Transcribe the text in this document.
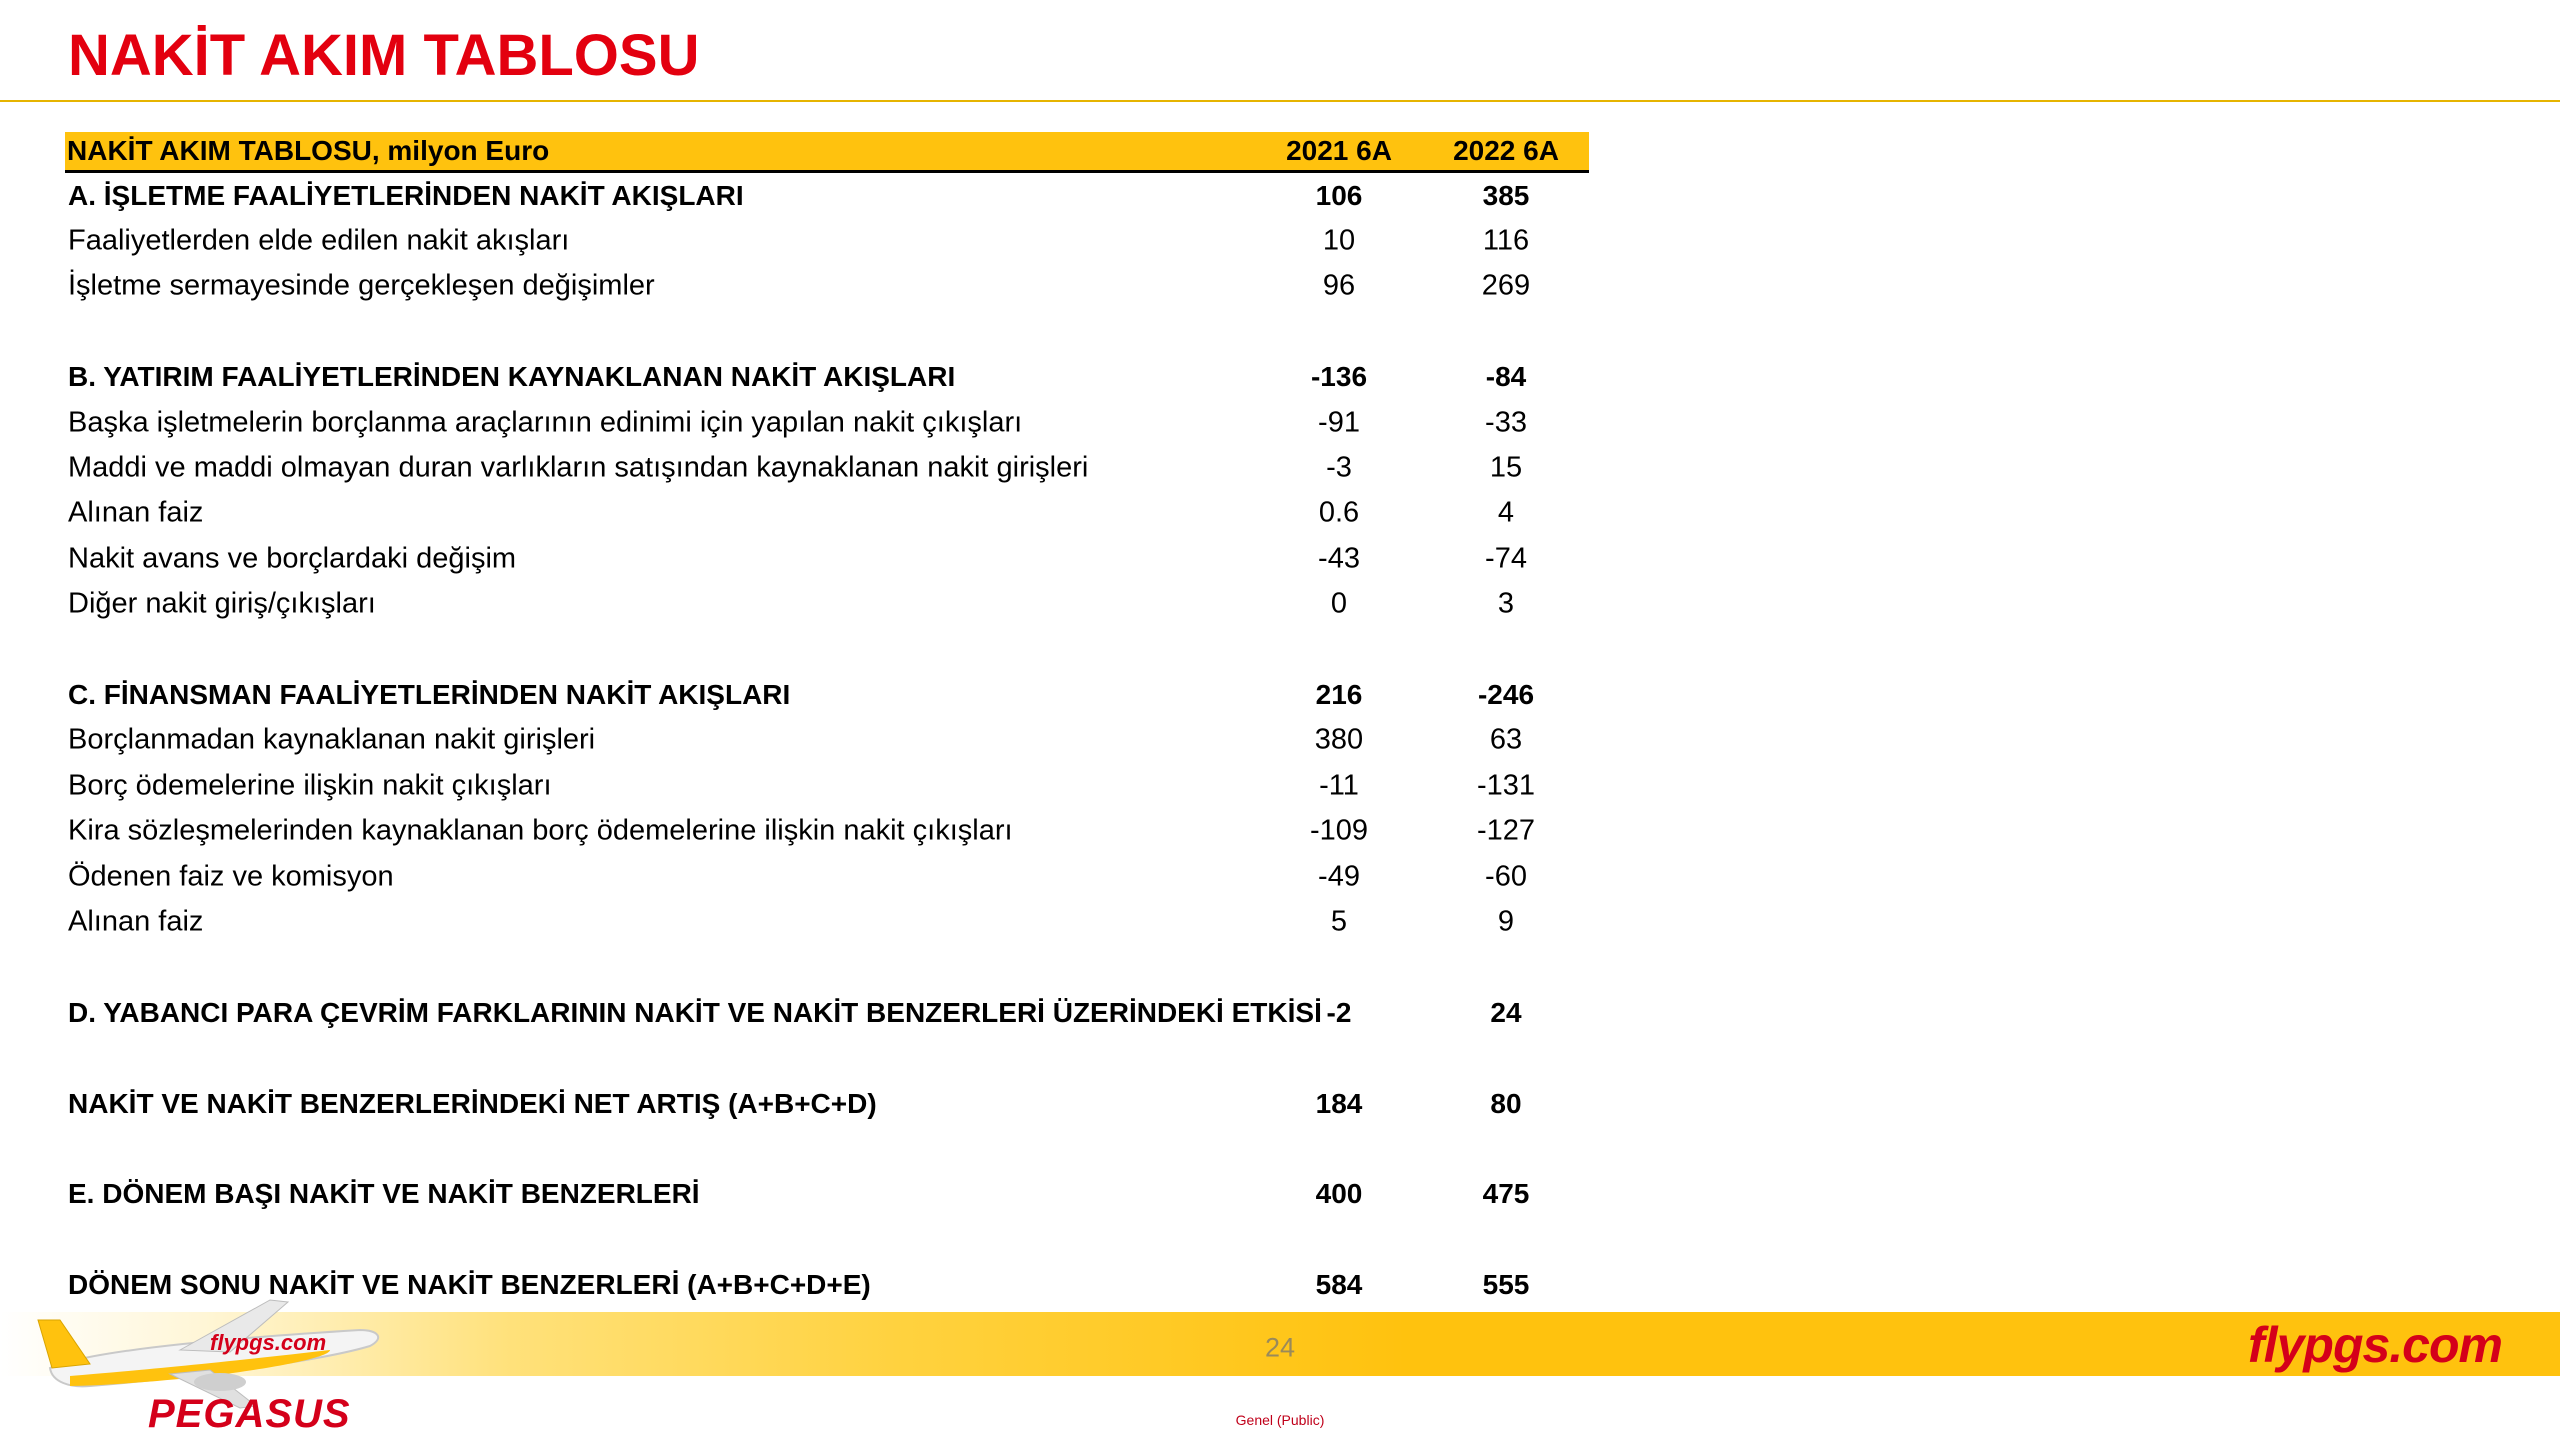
NAKİT AKIM TABLOSU
NAKİT AKIM TABLOSU, milyon Euro	2021 6A 2022 6A
A. İŞLETME FAALİYETLERİNDEN NAKİT AKIŞLARI	106	385
Faaliyetlerden elde edilen nakit akışları	10	116
İşletme sermayesinde gerçekleşen değişimler	96	269
B. YATIRIM FAALİYETLERİNDEN KAYNAKLANAN NAKİT AKIŞLARI	-136	-84
Başka işletmelerin borçlanma araçlarının edinimi için yapılan nakit çıkışları	-91	-33
Maddi ve maddi olmayan duran varlıkların satışından kaynaklanan nakit girişleri	-3	15
Alınan faiz	0.6	4
Nakit avans ve borçlardaki değişim	-43	-74
Diğer nakit giriş/çıkışları	0	3
C. FİNANSMAN FAALİYETLERİNDEN NAKİT AKIŞLARI	216	-246
Borçlanmadan kaynaklanan nakit girişleri	380	63
Borç ödemelerine ilişkin nakit çıkışları	-11	-131
Kira sözleşmelerinden kaynaklanan borç ödemelerine ilişkin nakit çıkışları	-109	-127
Ödenen faiz ve komisyon	-49	-60
Alınan faiz	5	9
D. YABANCI PARA ÇEVRİM FARKLARININ NAKİT VE NAKİT BENZERLERİ ÜZERİNDEKİ ETKİSİ -2	24
NAKİT VE NAKİT BENZERLERİNDEKİ NET ARTIŞ (A+B+C+D)	184	80
E. DÖNEM BAŞI NAKİT VE NAKİT BENZERLERİ	400	475
DÖNEM SONU NAKİT VE NAKİT BENZERLERİ (A+B+C+D+E)	584	555
flypgs.com
PEGASUS
24	flypgs.com
Genel (Public)
